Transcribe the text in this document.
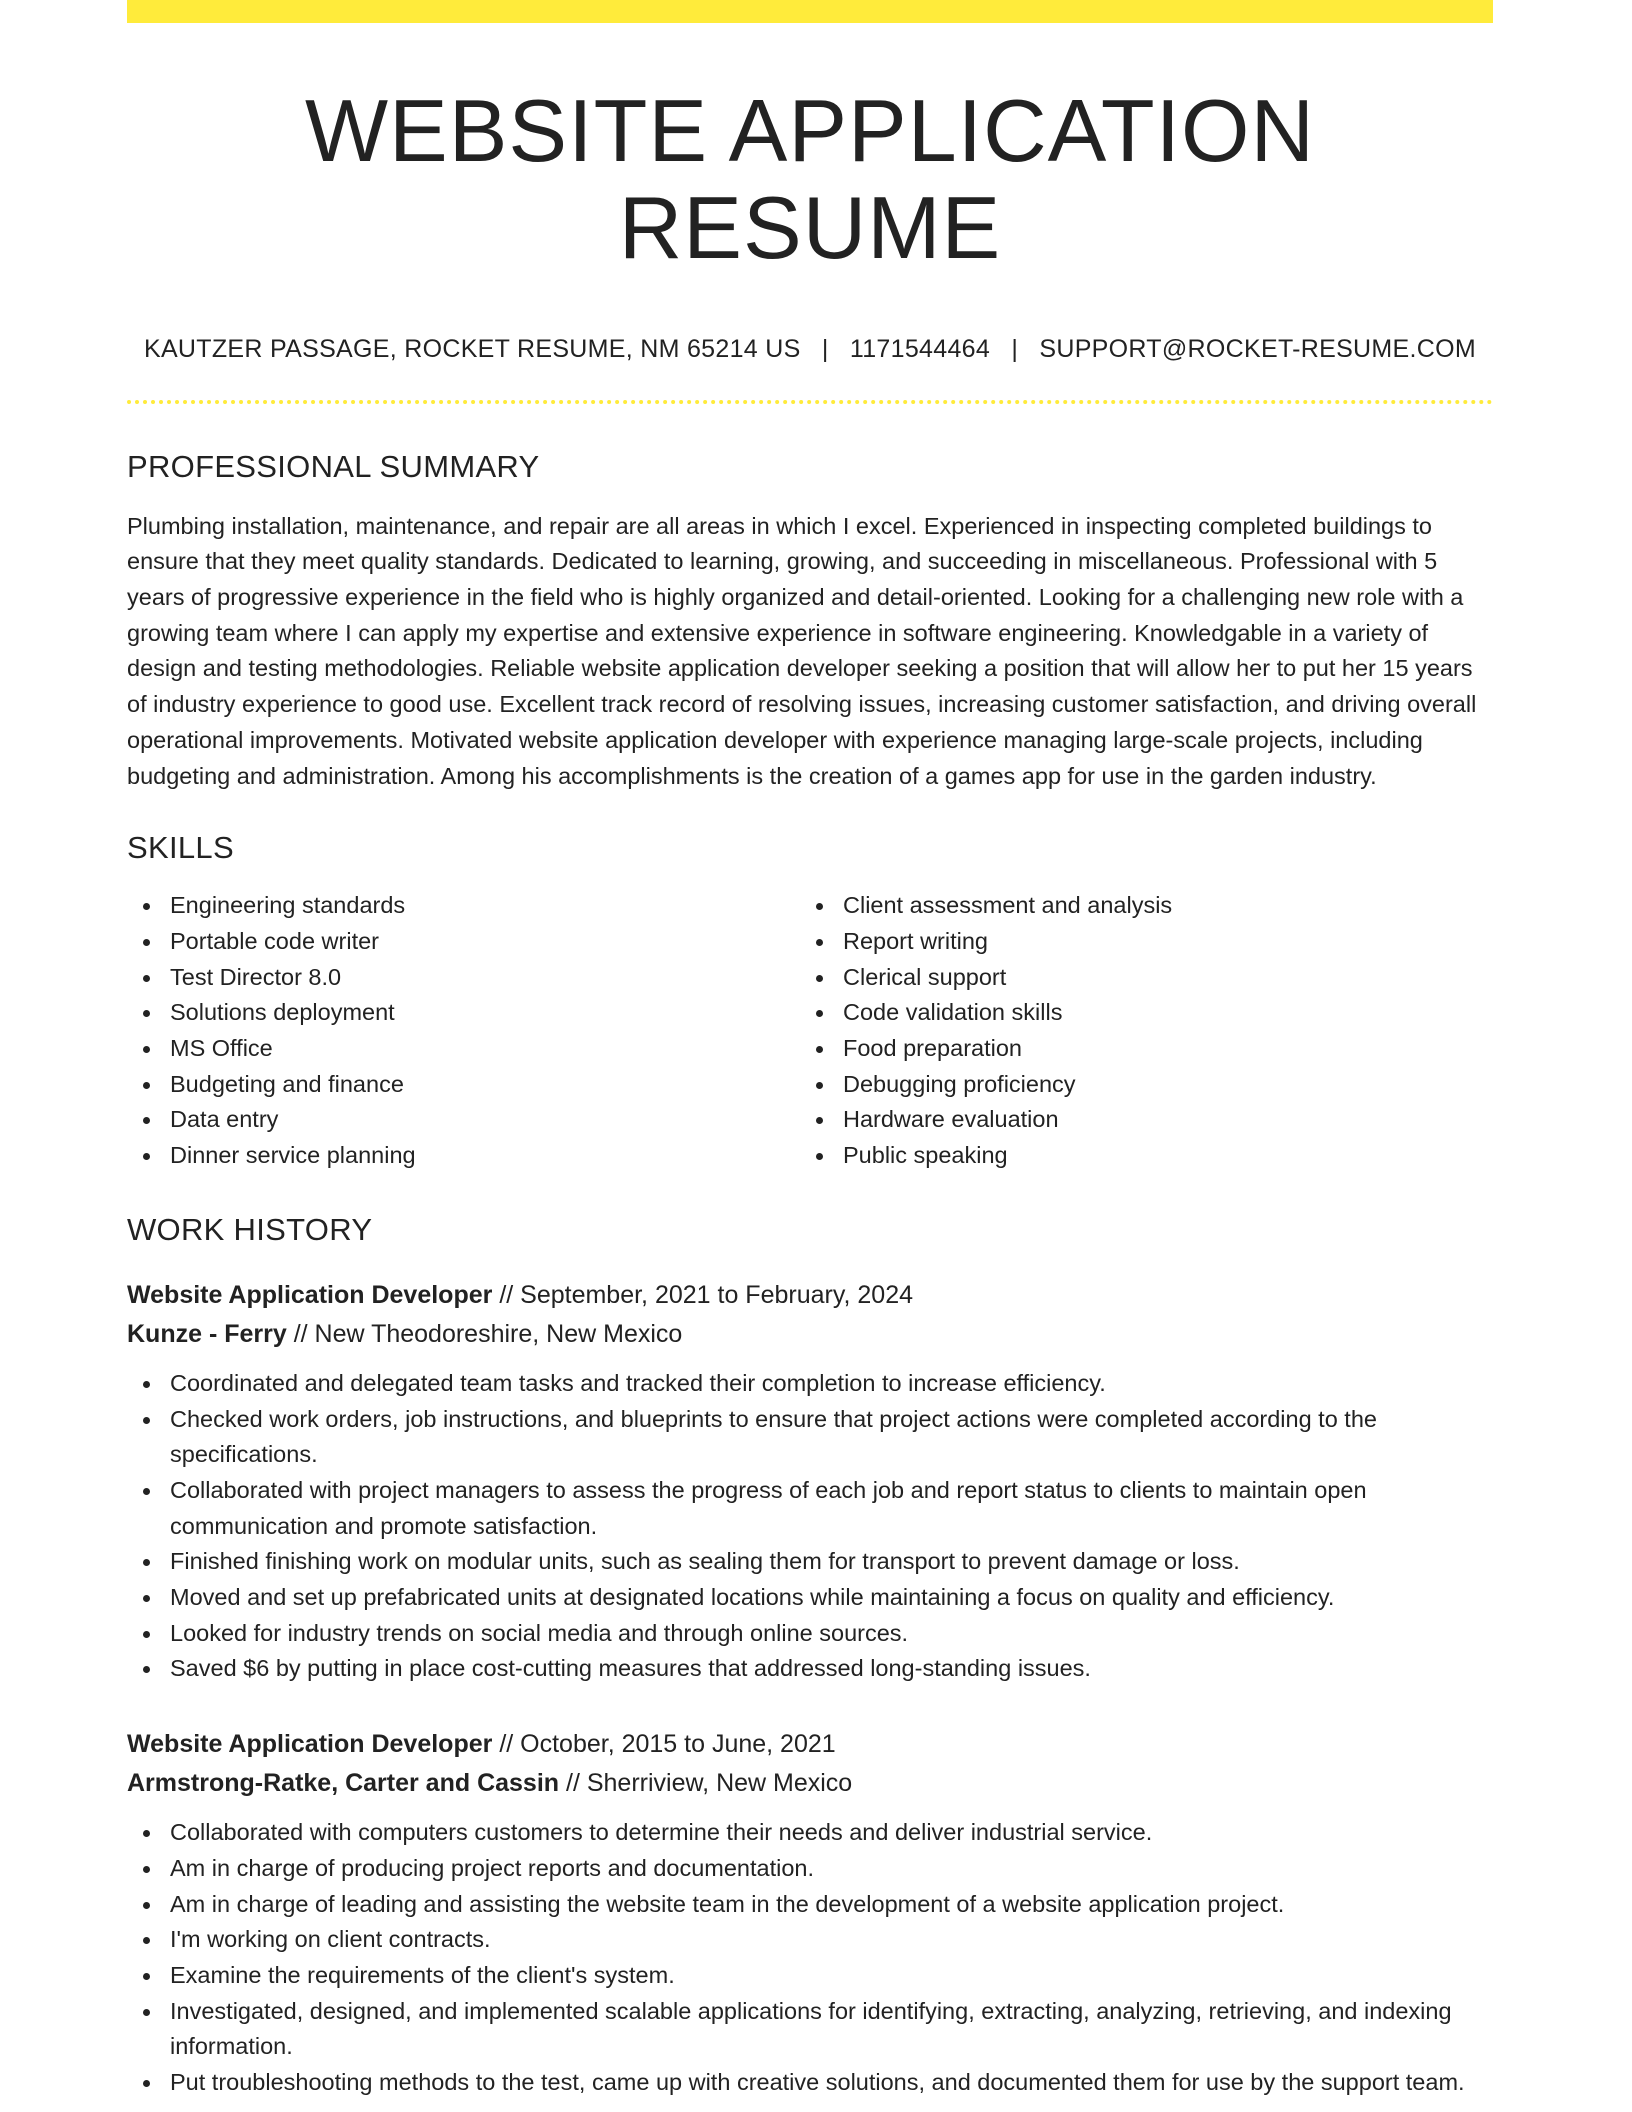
WEBSITE APPLICATION RESUME
KAUTZER PASSAGE, ROCKET RESUME, NM 65214 US | 1171544464 | SUPPORT@ROCKET-RESUME.COM
PROFESSIONAL SUMMARY

Plumbing installation, maintenance, and repair are all areas in which I excel. Experienced in inspecting completed buildings to ensure that they meet quality standards. Dedicated to learning, growing, and succeeding in miscellaneous. Professional with 5 years of progressive experience in the field who is highly organized and detail-oriented. Looking for a challenging new role with a growing team where I can apply my expertise and extensive experience in software engineering. Knowledgable in a variety of design and testing methodologies. Reliable website application developer seeking a position that will allow her to put her 15 years of industry experience to good use. Excellent track record of resolving issues, increasing customer satisfaction, and driving overall operational improvements. Motivated website application developer with experience managing large-scale projects, including budgeting and administration. Among his accomplishments is the creation of a games app for use in the garden industry.

SKILLS
Engineering standards
Portable code writer
Test Director 8.0
Solutions deployment
MS Office
Budgeting and finance
Data entry
Dinner service planning
Client assessment and analysis
Report writing
Clerical support
Code validation skills
Food preparation
Debugging proficiency
Hardware evaluation
Public speaking
WORK HISTORY
Website Application Developer // September, 2021 to February, 2024
Kunze - Ferry // New Theodoreshire, New Mexico
Coordinated and delegated team tasks and tracked their completion to increase efficiency.
Checked work orders, job instructions, and blueprints to ensure that project actions were completed according to the specifications.
Collaborated with project managers to assess the progress of each job and report status to clients to maintain open communication and promote satisfaction.
Finished finishing work on modular units, such as sealing them for transport to prevent damage or loss.
Moved and set up prefabricated units at designated locations while maintaining a focus on quality and efficiency.
Looked for industry trends on social media and through online sources.
Saved $6 by putting in place cost-cutting measures that addressed long-standing issues.
Website Application Developer // October, 2015 to June, 2021
Armstrong-Ratke, Carter and Cassin // Sherriview, New Mexico
Collaborated with computers customers to determine their needs and deliver industrial service.
Am in charge of producing project reports and documentation.
Am in charge of leading and assisting the website team in the development of a website application project.
I'm working on client contracts.
Examine the requirements of the client's system.
Investigated, designed, and implemented scalable applications for identifying, extracting, analyzing, retrieving, and indexing information.
Put troubleshooting methods to the test, came up with creative solutions, and documented them for use by the support team.
